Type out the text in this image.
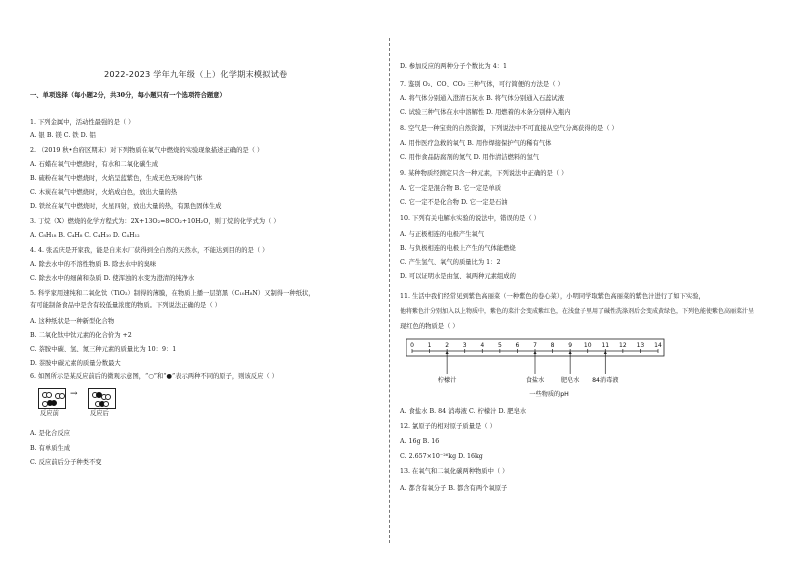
2022-2023 学年九年级（上）化学期末模拟试卷
一、单项选择（每小题2分，共30分，每小题只有一个选项符合题意）
1. 下列金属中，活动性最强的是（ ）
A. 银 B. 镁 C. 铁 D. 铝
2. （2019 秋•台府区期末）对下列物质在氧气中燃烧的实验现象描述正确的是（ ）
A. 石蜡在氧气中燃烧时，有水和二氧化碳生成
B. 硫粉在氧气中燃烧时，火焰呈蓝紫色，生成无色无味的气体
C. 木炭在氧气中燃烧时，火焰成白色，放出大量的热
D. 铁丝在氧气中燃烧时，火星四射，放出大量的热，有黑色固体生成
3. 丁烷（X）燃烧的化学方程式为：2X+13O₂=8CO₂+10H₂O，则丁烷的化学式为（ ）
A. C₈H₁₈ B. C₄H₈ C. C₄H₁₀ D. C₄H₁₂
4. 4. 张孟庆是开家我，能是自来水厂获得到全自然的天然水，不能达到目的的是（ ）
A. 除去水中的不溶性物质 B. 除去水中的臭味
C. 除去水中的细菌和杂质 D. 使浑浊的水变为澄清的纯净水
5. 科学家用速纯和二氧化钛（TiO₂）制得的薄膜，在物质上播一层第黑（C₁₀H₈N）又制得一种纸状，
有可能制备食品中是含有较低量浓度的物质。下列说法正确的是（ ）
A. 这种纸状是一种新型化合物
B. 二氧化钛中钛元素的化合价为 +2
C. 萘胺中碳、氢、氮三种元素的质量比为 10：9：1
D. 萘胺中碳元素的质量分数最大
6. 如图所示是某反应前后的微观示意图，“○”和“●”表示两种不同的原子，则该反应（ ）
→
反应前	反应后
A. 是化合反应
B. 有单质生成
C. 反应前后分子种类不变
D. 参加反应的两种分子个数比为 4：1
7. 鉴别 O₂、CO、CO₂ 三种气体，可行简便的方法是（ ）
A. 将气体分别通入澄清石灰水 B. 将气体分别通入石蕊试液
C. 试验三种气体在水中溶解性 D. 用燃着的木条分别伸入瓶内
8. 空气是一种宝贵的自然资源，下列说法中不可直接从空气分离获得的是（ ）
A. 用作医疗急救的氧气 B. 用作焊接保护气的稀有气体
C. 用作食品防腐剂的氮气 D. 用作清洁燃料的氢气
9. 某种物质经测定只含一种元素，下列说法中正确的是（ ）
A. 它一定是混合物 B. 它一定是单质
C. 它一定不是化合物 D. 它一定是石油
10. 下列有关电解水实验的说法中，错误的是（ ）
A. 与正极相连的电极产生氧气
B. 与负极相连的电极上产生的气体能燃烧
C. 产生氢气、氧气的质量比为 1：2
D. 可以证明水是由氢、氧两种元素组成的
11. 生活中我们经常见到紫色高丽菜（一种紫色的卷心菜），小明同学取紫色高丽菜的紫色汁进行了如下实验，
他将紫色汁分别加入以上物质中，紫色的菜汁会变成紫红色，在浅盘子里用了碱性洗涤剂后会变成黄绿色，下列色能使紫色高丽菜汁呈
现红色的物质是（ ）
0 1 2 3 4 5 6 7 8 9 10 11 12 13 14
柠檬汁	食盐水	肥皂水 84消毒液
一些物质的pH
A. 食盐水 B. 84 消毒液 C. 柠檬汁 D. 肥皂水
12. 氯原子的相对原子质量是（ ）
A. 16g B. 16
C. 2.657×10⁻²⁶kg D. 16kg
13. 在氧气和二氧化碳两种物质中（ ）
A. 都含有氧分子 B. 都含有两个氧原子
